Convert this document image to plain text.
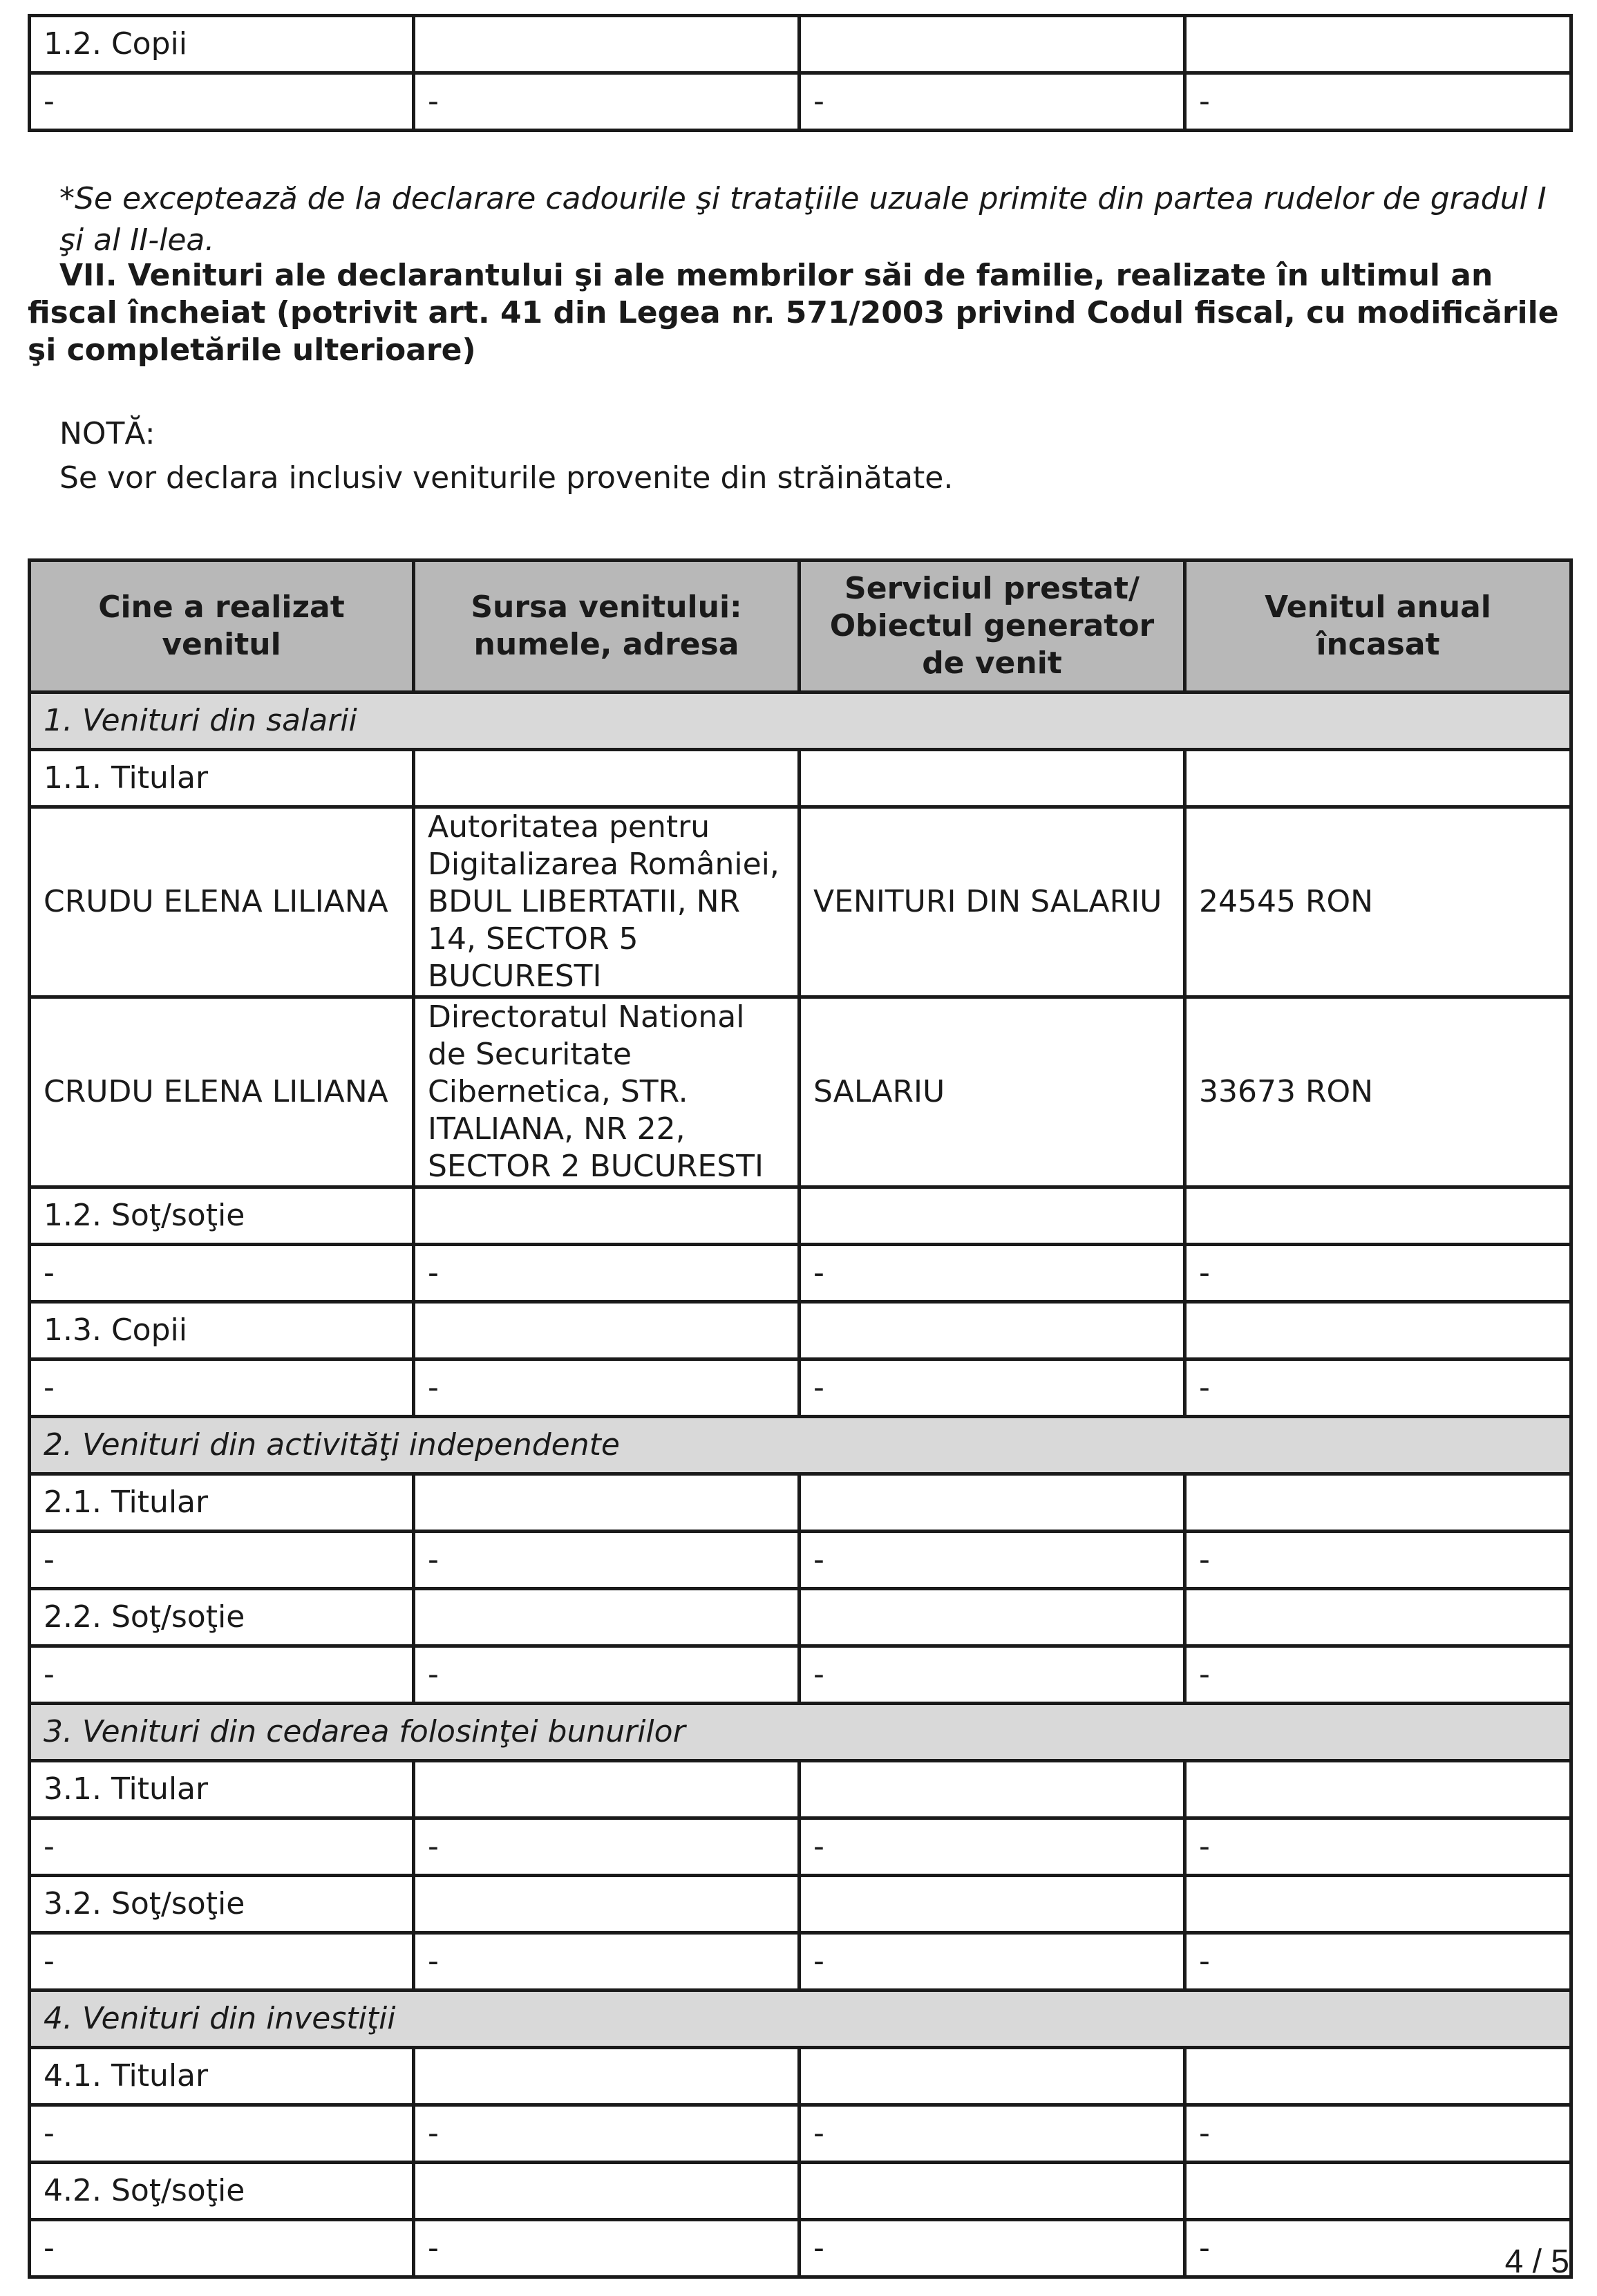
1.2. Copii			
-	-	-	-

*Se exceptează de la declarare cadourile şi trataţiile uzuale primite din partea rudelor de gradul I şi al II-lea.

VII. Venituri ale declarantului şi ale membrilor săi de familie, realizate în ultimul an fiscal încheiat (potrivit art. 41 din Legea nr. 571/2003 privind Codul fiscal, cu modificările şi completările ulterioare)

NOTĂ:
Se vor declara inclusiv veniturile provenite din străinătate.
Cine a realizat venitul	Sursa venitului: numele, adresa	Serviciul prestat/ Obiectul generator de venit	Venitul anual încasat
1. Venituri din salarii			
1.1. Titular			
CRUDU ELENA LILIANA	Autoritatea pentru Digitalizarea României, BDUL LIBERTATII, NR 14, SECTOR 5 BUCURESTI	VENITURI DIN SALARIU	24545 RON
CRUDU ELENA LILIANA	Directoratul National de Securitate Cibernetica, STR. ITALIANA, NR 22, SECTOR 2 BUCURESTI	SALARIU	33673 RON
1.2. Soţ/soţie			
-	-	-	-
1.3. Copii			
-	-	-	-
2. Venituri din activităţi independente			
2.1. Titular			
-	-	-	-
2.2. Soţ/soţie			
-	-	-	-
3. Venituri din cedarea folosinţei bunurilor			
3.1. Titular			
-	-	-	-
3.2. Soţ/soţie			
-	-	-	-
4. Venituri din investiţii			
4.1. Titular			
-	-	-	-
4.2. Soţ/soţie			
-	-	-	-	4 / 5
